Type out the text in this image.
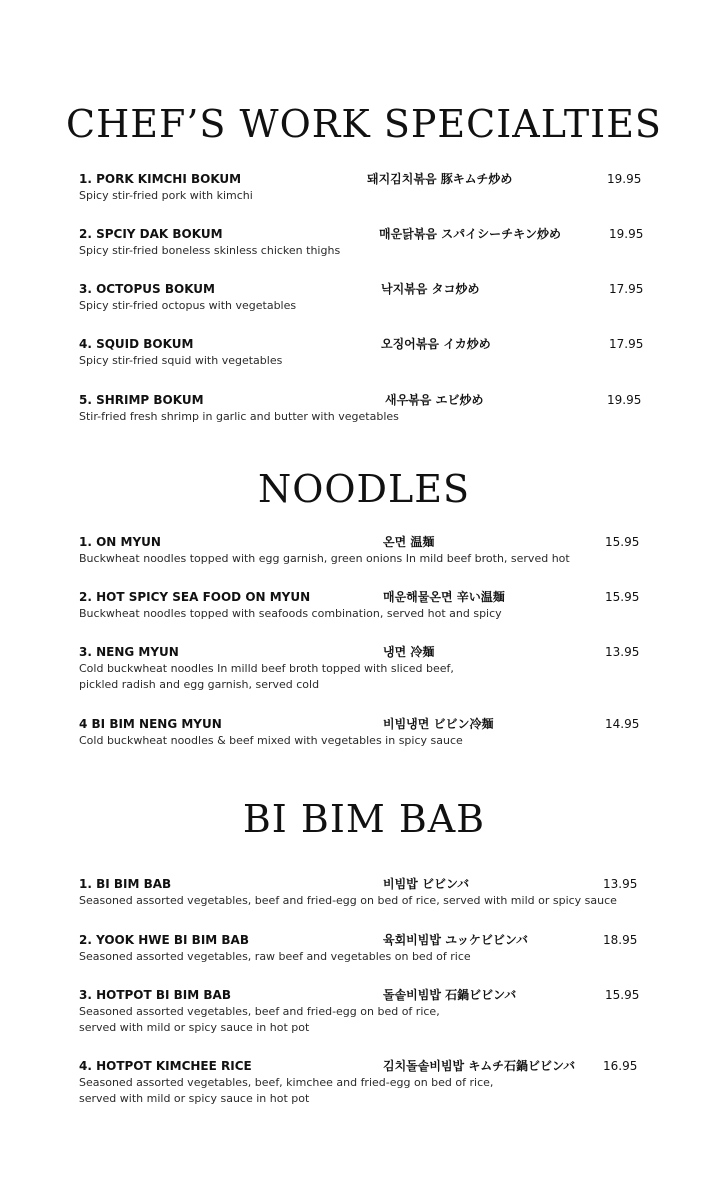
CHEF’S WORK SPECIALTIES
1. PORK KIMCHI BOKUM	돼지김치볶음 豚キムチ炒め	19.95
Spicy stir-fried pork with kimchi
2. SPCIY DAK BOKUM	매운닭볶음 スパイシーチキン炒め	19.95
Spicy stir-fried boneless skinless chicken thighs
3. OCTOPUS BOKUM	낙지볶음 タコ炒め	17.95
Spicy stir-fried octopus with vegetables
4. SQUID BOKUM	오징어볶음 イカ炒め	17.95
Spicy stir-fried squid with vegetables
5. SHRIMP BOKUM	새우볶음 エビ炒め	19.95
Stir-fried fresh shrimp in garlic and butter with vegetables
NOODLES
1. ON MYUN	온면 温麺	15.95
Buckwheat noodles topped with egg garnish, green onions In mild beef broth, served hot
2. HOT SPICY SEA FOOD ON MYUN	매운해물온면 辛い温麺	15.95
Buckwheat noodles topped with seafoods combination, served hot and spicy
3. NENG MYUN	냉면 冷麺	13.95
Cold buckwheat noodles In milld beef broth topped with sliced beef,
pickled radish and egg garnish, served cold
4 BI BIM NENG MYUN	비빔냉면 ビビン冷麺	14.95
Cold buckwheat noodles & beef mixed with vegetables in spicy sauce
BI BIM BAB
1. BI BIM BAB	비빔밥 ビビンバ	13.95
Seasoned assorted vegetables, beef and fried-egg on bed of rice, served with mild or spicy sauce
2. YOOK HWE BI BIM BAB	육회비빔밥 ユッケビビンバ	18.95
Seasoned assorted vegetables, raw beef and vegetables on bed of rice
3. HOTPOT BI BIM BAB	돌솥비빔밥 石鍋ビビンバ	15.95
Seasoned assorted vegetables, beef and fried-egg on bed of rice,
served with mild or spicy sauce in hot pot
4. HOTPOT KIMCHEE RICE	김치돌솥비빔밥 キムチ石鍋ビビンバ 16.95
Seasoned assorted vegetables, beef, kimchee and fried-egg on bed of rice,
served with mild or spicy sauce in hot pot
